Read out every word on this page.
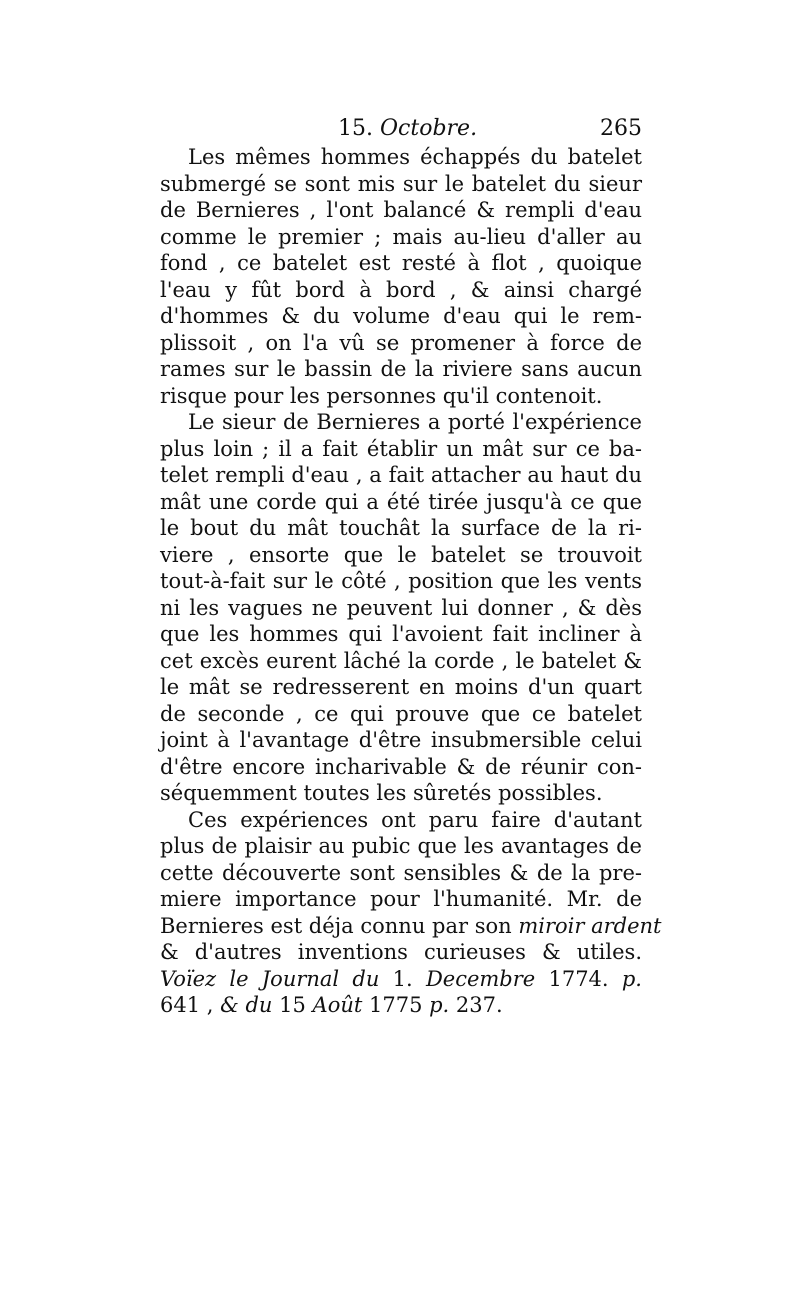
15. Octobre.	265
Les mêmes hommes échappés du batelet
submergé se sont mis sur le batelet du sieur
de Bernieres , l'ont balancé & rempli d'eau
comme le premier ; mais au-lieu d'aller au
fond , ce batelet est resté à flot , quoique
l'eau y fût bord à bord , & ainsi chargé
d'hommes & du volume d'eau qui le rem-
plissoit , on l'a vû se promener à force de
rames sur le bassin de la riviere sans aucun
risque pour les personnes qu'il contenoit.
Le sieur de Bernieres a porté l'expérience
plus loin ; il a fait établir un mât sur ce ba-
telet rempli d'eau , a fait attacher au haut du
mât une corde qui a été tirée jusqu'à ce que
le bout du mât touchât la surface de la ri-
viere , ensorte que le batelet se trouvoit
tout-à-fait sur le côté , position que les vents
ni les vagues ne peuvent lui donner , & dès
que les hommes qui l'avoient fait incliner à
cet excès eurent lâché la corde , le batelet &
le mât se redresserent en moins d'un quart
de seconde , ce qui prouve que ce batelet
joint à l'avantage d'être insubmersible celui
d'être encore incharivable & de réunir con-
séquemment toutes les sûretés possibles.
Ces expériences ont paru faire d'autant
plus de plaisir au pubic que les avantages de
cette découverte sont sensibles & de la pre-
miere importance pour l'humanité. Mr. de
Bernieres est déja connu par son miroir ardent
& d'autres inventions curieuses & utiles.
Voïez le Journal du 1. Decembre 1774. p.
641 , & du 15 Août 1775 p. 237.
